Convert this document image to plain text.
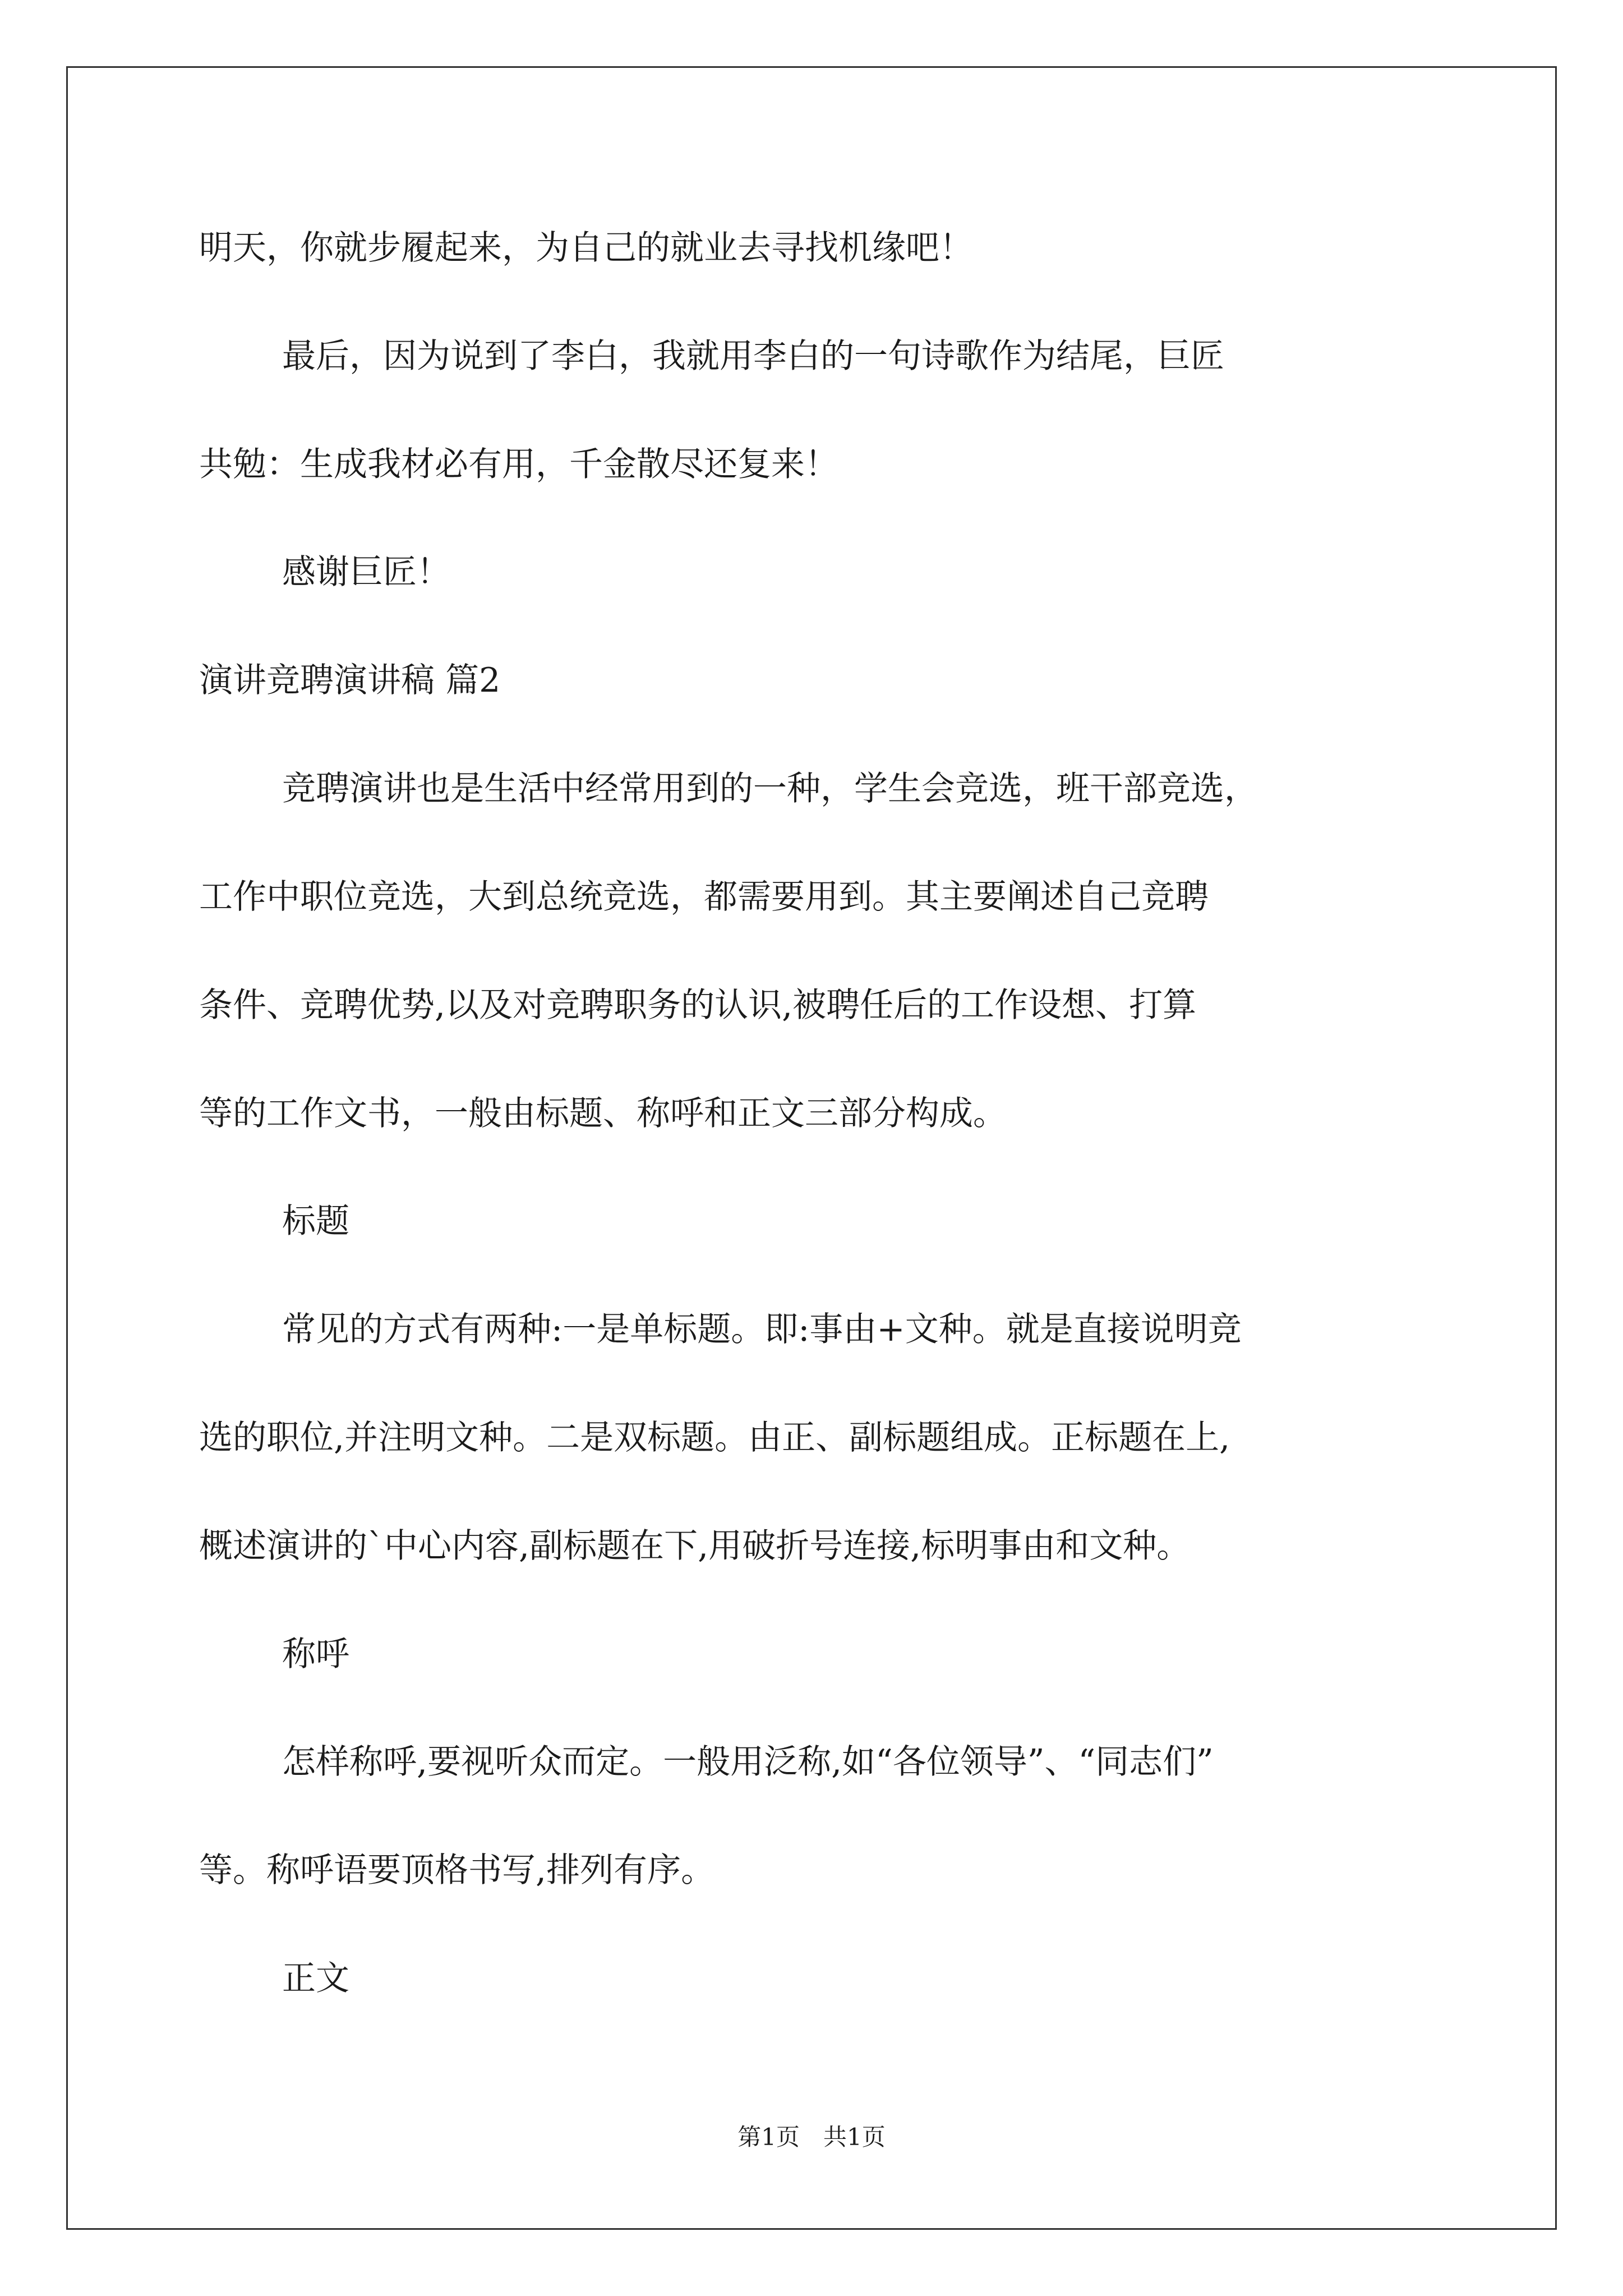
明天，你就步履起来，为自己的就业去寻找机缘吧！
最后，因为说到了李白，我就用李白的一句诗歌作为结尾，巨匠
共勉：生成我材必有用，千金散尽还复来！
感谢巨匠！
演讲竞聘演讲稿 篇2
竞聘演讲也是生活中经常用到的一种，学生会竞选，班干部竞选，
工作中职位竞选，大到总统竞选，都需要用到。其主要阐述自己竞聘
条件、竞聘优势,以及对竞聘职务的认识,被聘任后的工作设想、打算
等的工作文书，一般由标题、称呼和正文三部分构成。
标题
常见的方式有两种:一是单标题。即:事由+文种。就是直接说明竞
选的职位,并注明文种。二是双标题。由正、副标题组成。正标题在上,
概述演讲的`中心内容,副标题在下,用破折号连接,标明事由和文种。
称呼
怎样称呼,要视听众而定。一般用泛称,如“各位领导”、“同志们”
等。称呼语要顶格书写,排列有序。
正文
第1页　共1页
